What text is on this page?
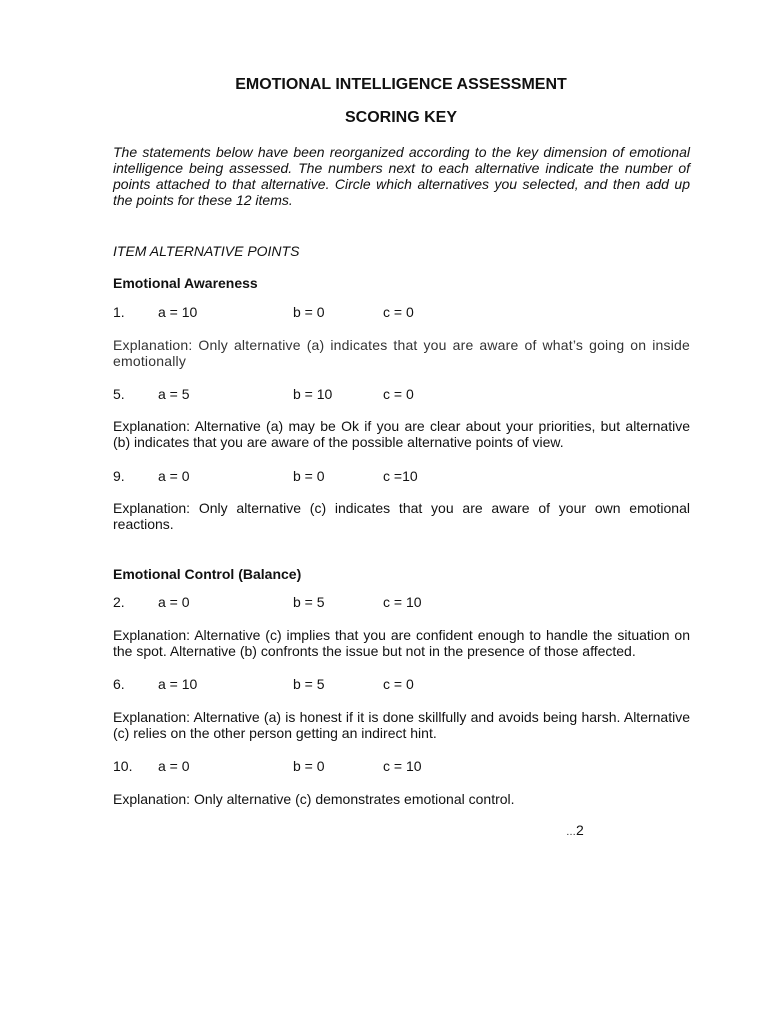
EMOTIONAL INTELLIGENCE ASSESSMENT
SCORING KEY
The statements below have been reorganized according to the key dimension of emotional intelligence being assessed. The numbers next to each alternative indicate the number of points attached to that alternative. Circle which alternatives you selected, and then add up the points for these 12 items.
ITEM ALTERNATIVE POINTS
Emotional Awareness
1. a = 10	b = 0	c = 0
Explanation: Only alternative (a) indicates that you are aware of what’s going on inside emotionally
5. a = 5	b = 10	c = 0
Explanation: Alternative (a) may be Ok if you are clear about your priorities, but alternative (b) indicates that you are aware of the possible alternative points of view.
9. a = 0	b = 0	c =10
Explanation: Only alternative (c) indicates that you are aware of your own emotional reactions.
Emotional Control (Balance)
2. a = 0	b = 5	c = 10
Explanation: Alternative (c) implies that you are confident enough to handle the situation on the spot. Alternative (b) confronts the issue but not in the presence of those affected.
6. a = 10	b = 5	c = 0
Explanation: Alternative (a) is honest if it is done skillfully and avoids being harsh. Alternative (c) relies on the other person getting an indirect hint.
10. a = 0	b = 0	c = 10
Explanation: Only alternative (c) demonstrates emotional control.
…2
